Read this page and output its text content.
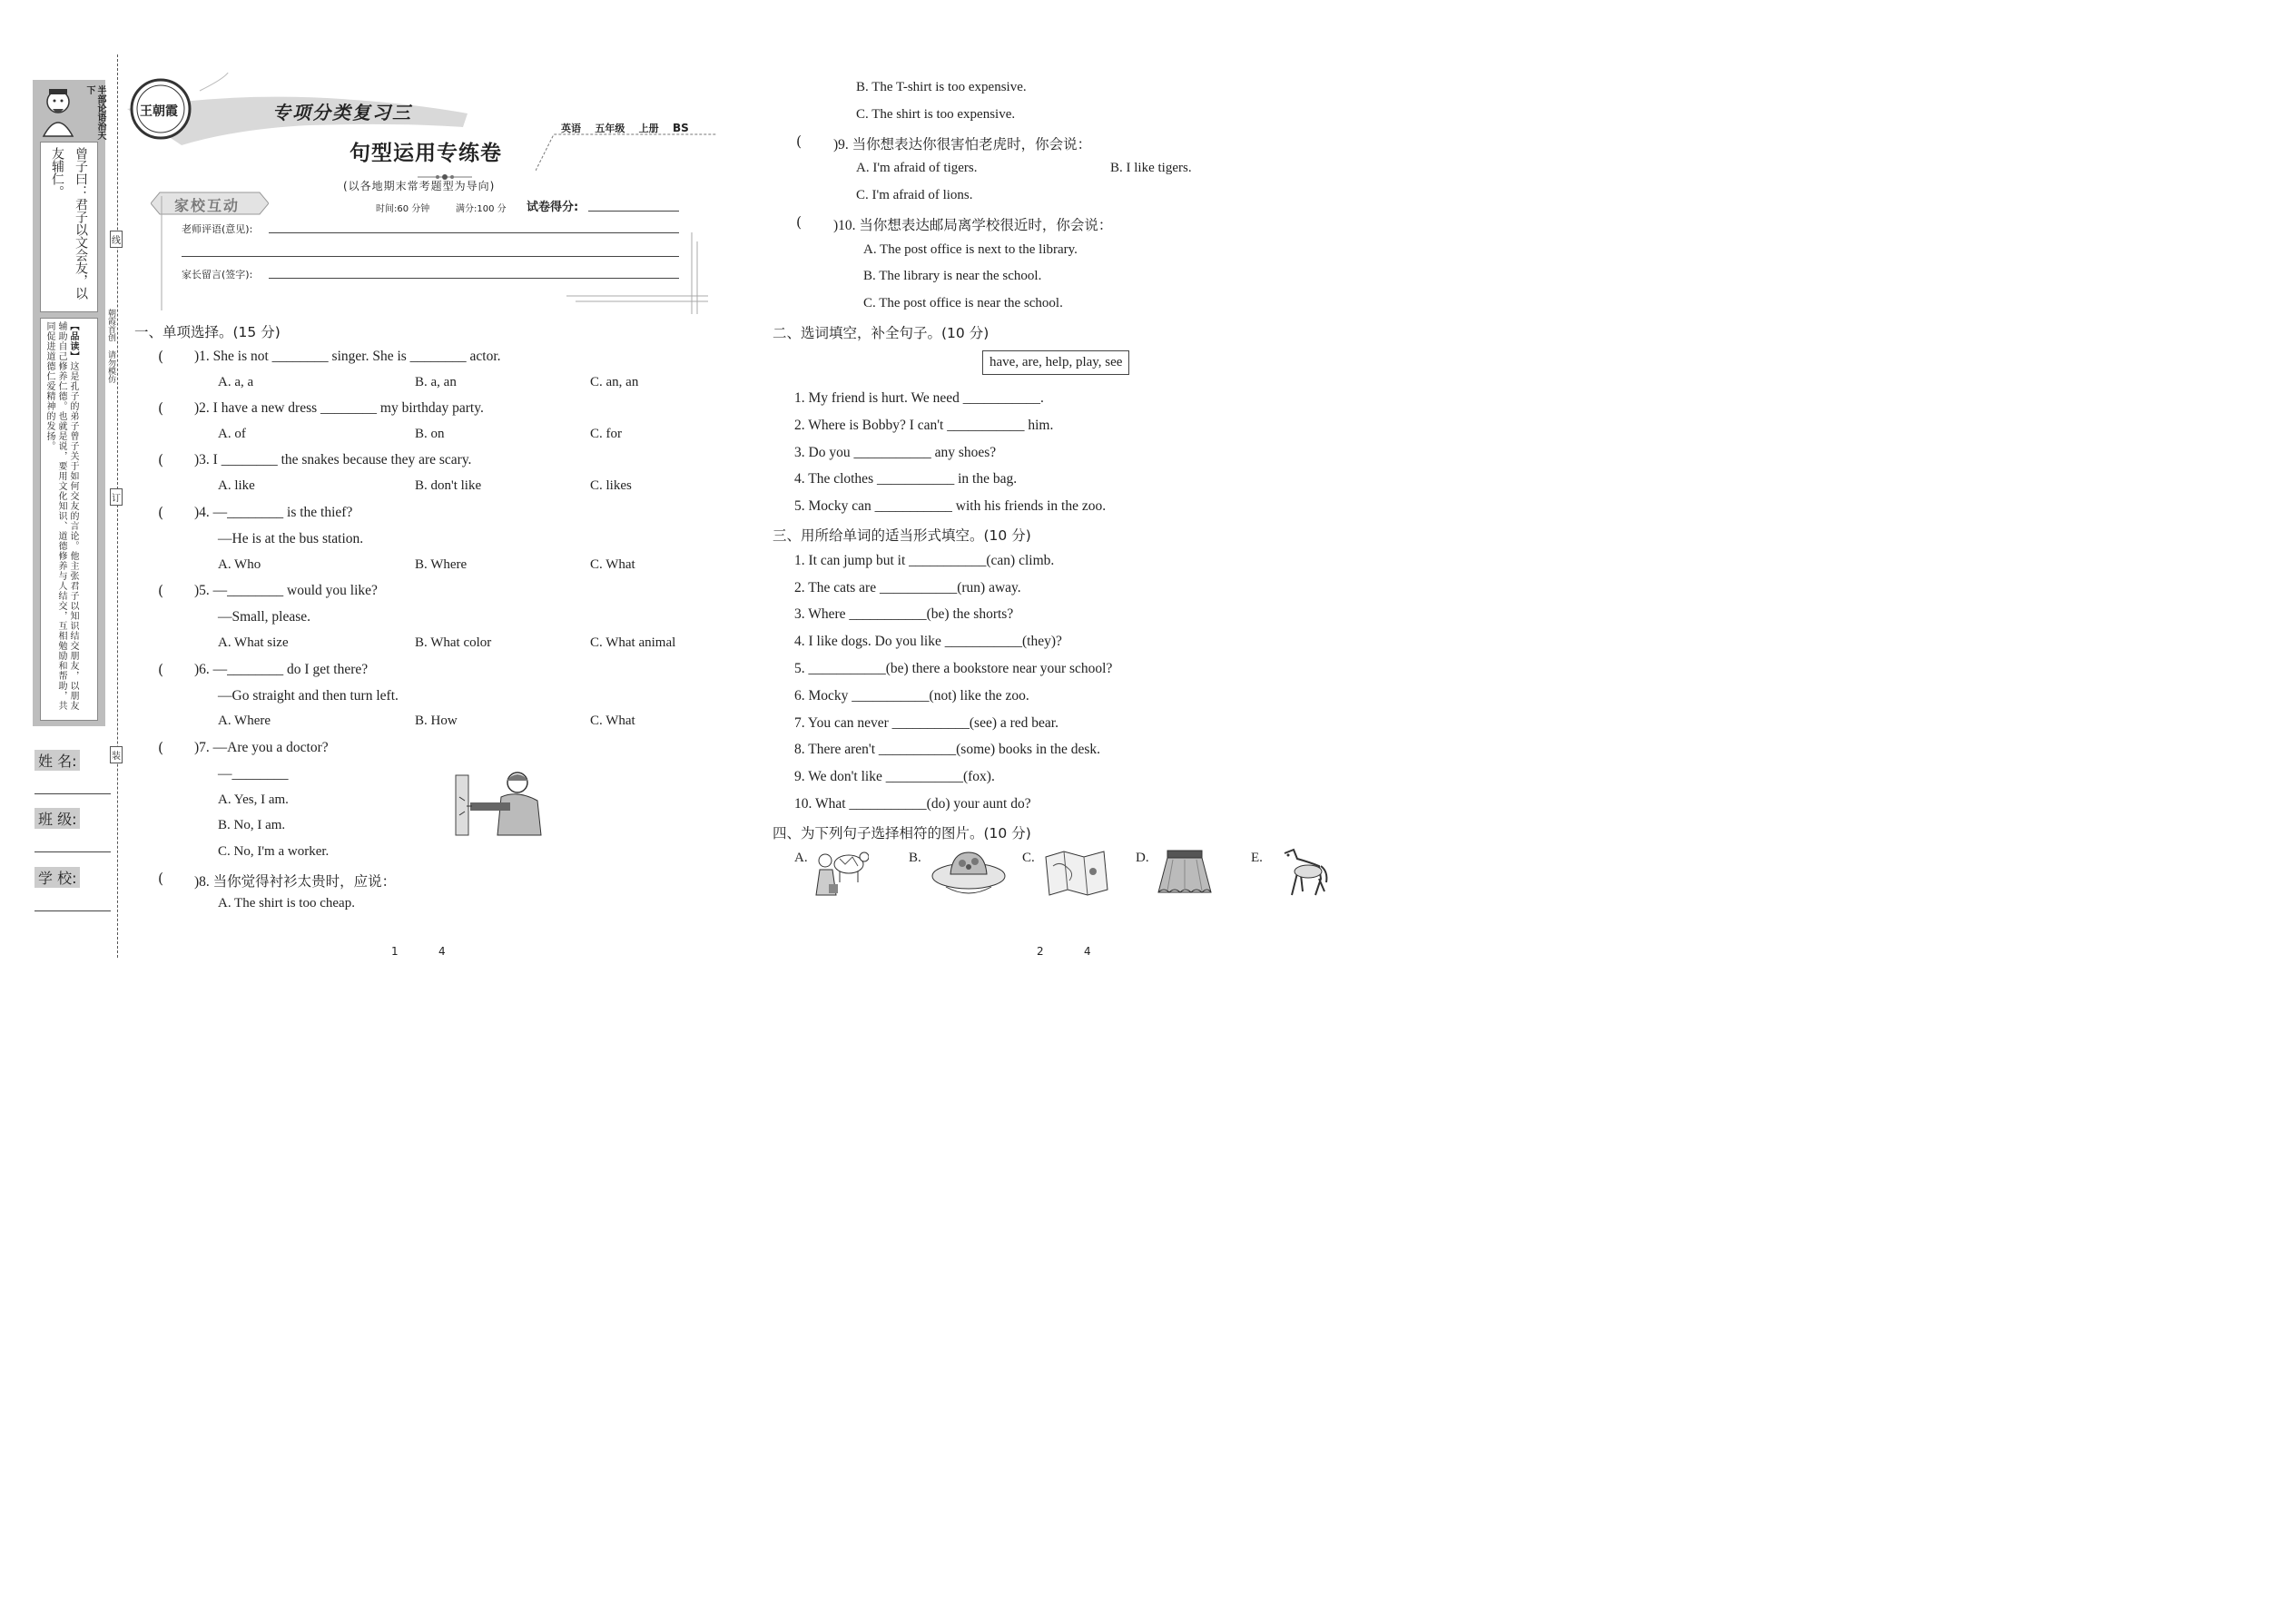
半部论语治天下
曾子曰：君子以文会友，以友辅仁。
【品读】这是孔子的弟子曾子关于如何交友的言论。他主张君子以知识结交朋友，以朋友辅助自己修养仁德。也就是说，要用文化知识、道德修养与人结交，互相勉励和帮助，共同促进道德仁爱精神的发扬。
姓 名:
班 级:
学 校:
线
订
装
朝霞首创 请勿模仿
王朝霞	专项分类复习三
句型运用专练卷
(以各地期末常考题型为导向)
英语 五年级 上册 BS
家校互动	时间:60 分钟	满分:100 分 试卷得分:
老师评语(意见):
家长留言(签字):
一、单项选择。(15 分)
( )1. She is not ________ singer. She is ________ actor.
A. a, a	B. a, an	C. an, an
( )2. I have a new dress ________ my birthday party.
A. of	B. on	C. for
( )3. I ________ the snakes because they are scary.
A. like	B. don't like	C. likes
( )4. —________ is the thief?
—He is at the bus station.
A. Who	B. Where	C. What
( )5. —________ would you like?
—Small, please.
A. What size	B. What color	C. What animal
( )6. —________ do I get there?
—Go straight and then turn left.
A. Where	B. How	C. What
( )7. —Are you a doctor?
—________
A. Yes, I am.
B. No, I am.
C. No, I'm a worker.
( )8. 当你觉得衬衫太贵时，应说：
A. The shirt is too cheap.
1	4
B. The T-shirt is too expensive.
C. The shirt is too expensive.
( )9. 当你想表达你很害怕老虎时，你会说：
A. I'm afraid of tigers.	B. I like tigers.
C. I'm afraid of lions.
( )10. 当你想表达邮局离学校很近时，你会说：
A. The post office is next to the library.
B. The library is near the school.
C. The post office is near the school.
二、选词填空，补全句子。(10 分)
have, are, help, play, see
1. My friend is hurt. We need ___________.
2. Where is Bobby? I can't ___________ him.
3. Do you ___________ any shoes?
4. The clothes ___________ in the bag.
5. Mocky can ___________ with his friends in the zoo.
三、用所给单词的适当形式填空。(10 分)
1. It can jump but it ___________(can) climb.
2. The cats are ___________(run) away.
3. Where ___________(be) the shorts?
4. I like dogs. Do you like ___________(they)?
5. ___________(be) there a bookstore near your school?
6. Mocky ___________(not) like the zoo.
7. You can never ___________(see) a red bear.
8. There aren't ___________(some) books in the desk.
9. We don't like ___________(fox).
10. What ___________(do) your aunt do?
四、为下列句子选择相符的图片。(10 分)
A.	B.	C.	D.	E.
2	4
